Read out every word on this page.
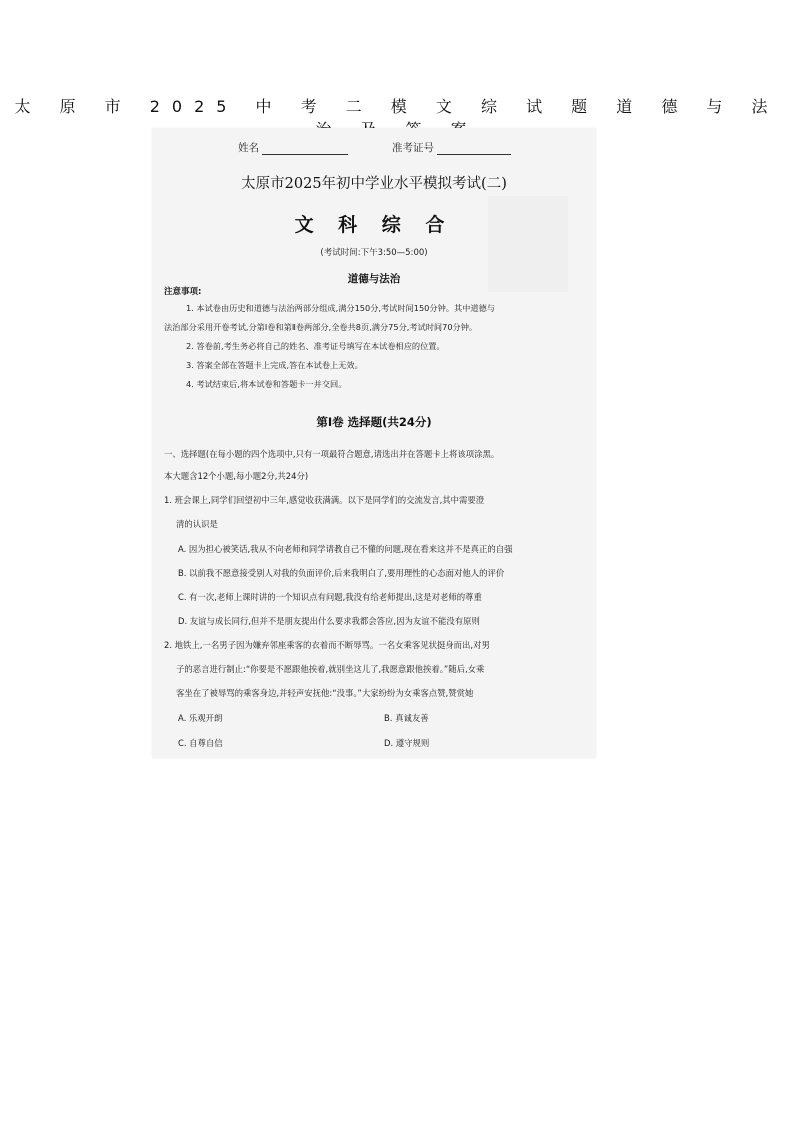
太 原 市 2025 中 考 二 模 文 综 试 题 道 德 与 法
姓名	准考证号
太原市2025年初中学业水平模拟考试(二)
文 科 综 合
(考试时间:下午3:50—5:00)
道德与法治
注意事项:
1. 本试卷由历史和道德与法治两部分组成,满分150分,考试时间150分钟。其中道德与
法治部分采用开卷考试,分第Ⅰ卷和第Ⅱ卷两部分,全卷共8页,满分75分,考试时间70分钟。
2. 答卷前,考生务必将自己的姓名、准考证号填写在本试卷相应的位置。
3. 答案全部在答题卡上完成,答在本试卷上无效。
4. 考试结束后,将本试卷和答题卡一并交回。
第Ⅰ卷 选择题(共24分)
一、选择题(在每小题的四个选项中,只有一项最符合题意,请选出并在答题卡上将该项涂黑。
本大题含12个小题,每小题2分,共24分)
1. 班会课上,同学们回望初中三年,感觉收获满满。以下是同学们的交流发言,其中需要澄
清的认识是
A. 因为担心被笑话,我从不向老师和同学请教自己不懂的问题,现在看来这并不是真正的自强
B. 以前我不愿意接受别人对我的负面评价,后来我明白了,要用理性的心态面对他人的评价
C. 有一次,老师上课时讲的一个知识点有问题,我没有给老师提出,这是对老师的尊重
D. 友谊与成长同行,但并不是朋友提出什么要求我都会答应,因为友谊不能没有原则
2. 地铁上,一名男子因为嫌弃邻座乘客的衣着而不断辱骂。一名女乘客见状挺身而出,对男
子的恶言进行制止:“你要是不愿跟他挨着,就别坐这儿了,我愿意跟他挨着。”随后,女乘
客坐在了被辱骂的乘客身边,并轻声安抚他:“没事。”大家纷纷为女乘客点赞,赞赏她
A. 乐观开朗	B. 真诚友善
C. 自尊自信	D. 遵守规则
